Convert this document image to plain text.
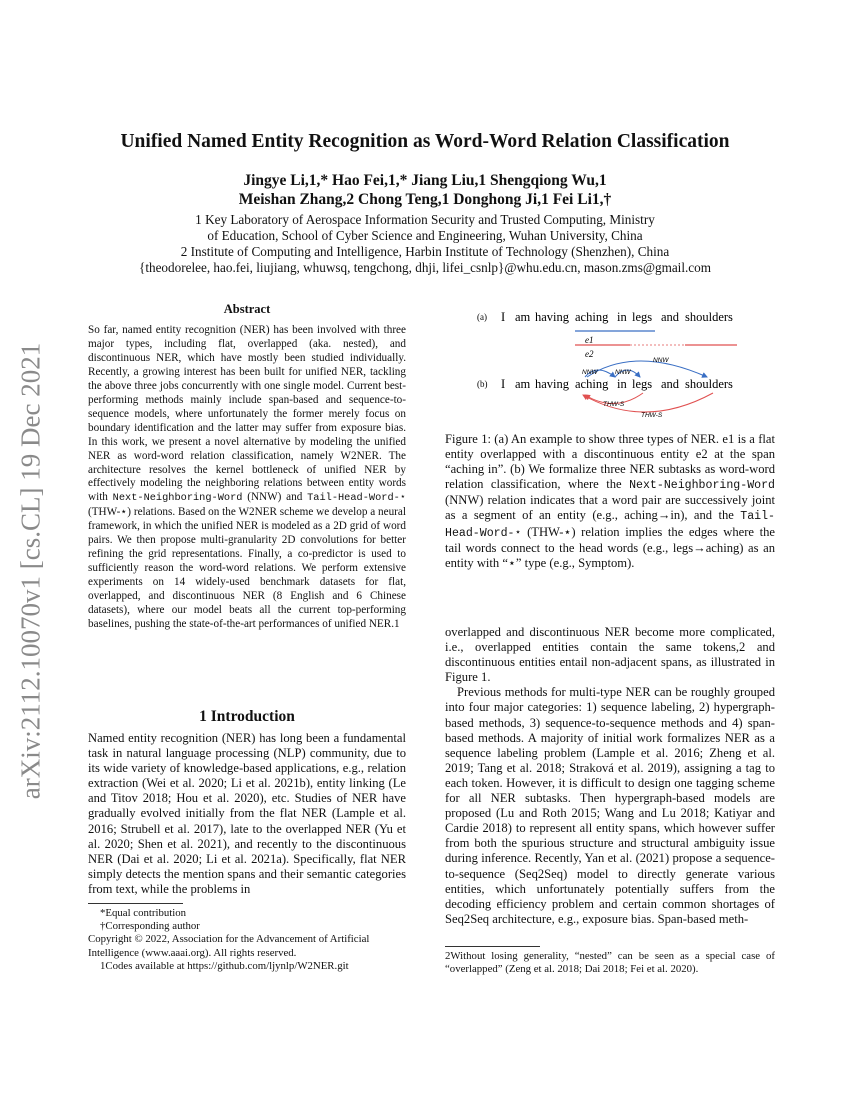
arXiv:2112.10070v1 [cs.CL] 19 Dec 2021
Unified Named Entity Recognition as Word-Word Relation Classification
Jingye Li,1,* Hao Fei,1,* Jiang Liu,1 Shengqiong Wu,1
Meishan Zhang,2 Chong Teng,1 Donghong Ji,1 Fei Li1,†
1 Key Laboratory of Aerospace Information Security and Trusted Computing, Ministry
of Education, School of Cyber Science and Engineering, Wuhan University, China
2 Institute of Computing and Intelligence, Harbin Institute of Technology (Shenzhen), China
{theodorelee, hao.fei, liujiang, whuwsq, tengchong, dhji, lifei_csnlp}@whu.edu.cn, mason.zms@gmail.com
Abstract

So far, named entity recognition (NER) has been involved with three major types, including flat, overlapped (aka. nested), and discontinuous NER, which have mostly been studied individually. Recently, a growing interest has been built for unified NER, tackling the above three jobs concurrently with one single model. Current best-performing methods mainly include span-based and sequence-to-sequence models, where unfortunately the former merely focus on boundary identification and the latter may suffer from exposure bias. In this work, we present a novel alternative by modeling the unified NER as word-word relation classification, namely W2NER. The architecture resolves the kernel bottleneck of unified NER by effectively modeling the neighboring relations between entity words with Next-Neighboring-Word (NNW) and Tail-Head-Word-⋆ (THW-⋆) relations. Based on the W2NER scheme we develop a neural framework, in which the unified NER is modeled as a 2D grid of word pairs. We then propose multi-granularity 2D convolutions for better refining the grid representations. Finally, a co-predictor is used to sufficiently reason the word-word relations. We perform extensive experiments on 14 widely-used benchmark datasets for flat, overlapped, and discontinuous NER (8 English and 6 Chinese datasets), where our model beats all the current top-performing baselines, pushing the state-of-the-art performances of unified NER.1

1 Introduction

Named entity recognition (NER) has long been a fundamental task in natural language processing (NLP) community, due to its wide variety of knowledge-based applications, e.g., relation extraction (Wei et al. 2020; Li et al. 2021b), entity linking (Le and Titov 2018; Hou et al. 2020), etc. Studies of NER have gradually evolved initially from the flat NER (Lample et al. 2016; Strubell et al. 2017), late to the overlapped NER (Yu et al. 2020; Shen et al. 2021), and recently to the discontinuous NER (Dai et al. 2020; Li et al. 2021a). Specifically, flat NER simply detects the mention spans and their semantic categories from text, while the problems in

*Equal contribution

†Corresponding author

Copyright © 2022, Association for the Advancement of Artificial Intelligence (www.aaai.org). All rights reserved.

1Codes available at https://github.com/ljynlp/W2NER.git

(a) I am having aching in legs and shoulders
e1
e2
NNW	NNW
NNW
(b) I am having aching in legs and shoulders
THW-S
THW-S

Figure 1: (a) An example to show three types of NER. e1 is a flat entity overlapped with a discontinuous entity e2 at the span “aching in”. (b) We formalize three NER subtasks as word-word relation classification, where the Next-Neighboring-Word (NNW) relation indicates that a word pair are successively joint as a segment of an entity (e.g., aching→in), and the Tail-Head-Word-⋆ (THW-⋆) relation implies the edges where the tail words connect to the head words (e.g., legs→aching) as an entity with “⋆” type (e.g., Symptom).

overlapped and discontinuous NER become more complicated, i.e., overlapped entities contain the same tokens,2 and discontinuous entities entail non-adjacent spans, as illustrated in Figure 1.

Previous methods for multi-type NER can be roughly grouped into four major categories: 1) sequence labeling, 2) hypergraph-based methods, 3) sequence-to-sequence methods and 4) span-based methods. A majority of initial work formalizes NER as a sequence labeling problem (Lample et al. 2016; Zheng et al. 2019; Tang et al. 2018; Straková et al. 2019), assigning a tag to each token. However, it is difficult to design one tagging scheme for all NER subtasks. Then hypergraph-based models are proposed (Lu and Roth 2015; Wang and Lu 2018; Katiyar and Cardie 2018) to represent all entity spans, which however suffer from both the spurious structure and structural ambiguity issue during inference. Recently, Yan et al. (2021) propose a sequence-to-sequence (Seq2Seq) model to directly generate various entities, which unfortunately potentially suffers from the decoding efficiency problem and certain common shortages of Seq2Seq architecture, e.g., exposure bias. Span-based meth-

2Without losing generality, “nested” can be seen as a special case of “overlapped” (Zeng et al. 2018; Dai 2018; Fei et al. 2020).
